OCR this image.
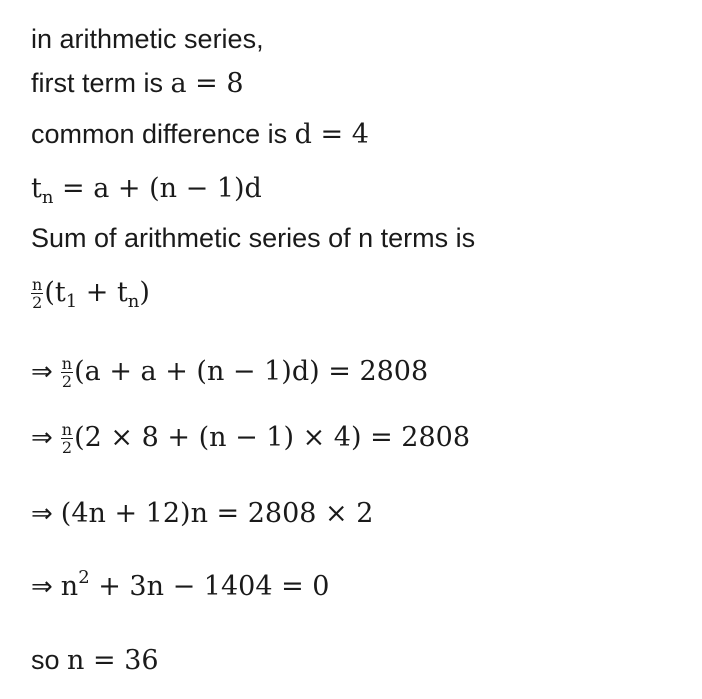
in arithmetic series,
first term is a = 8
common difference is d = 4
$t_n = a + (n - 1)d$
Sum of arithmetic series of n terms is
$\frac{n}{2} (t_1 + t_n)$
⇒ $\frac{n}{2} (a + a + (n - 1)d) = 2808$
⇒ $\frac{n}{2} (2 \times 8 + (n - 1) \times 4) = 2808$
⇒ (4n + 12)n = 2808 × 2
⇒ $n^2 + 3n - 1404 = 0$
so n = 36
